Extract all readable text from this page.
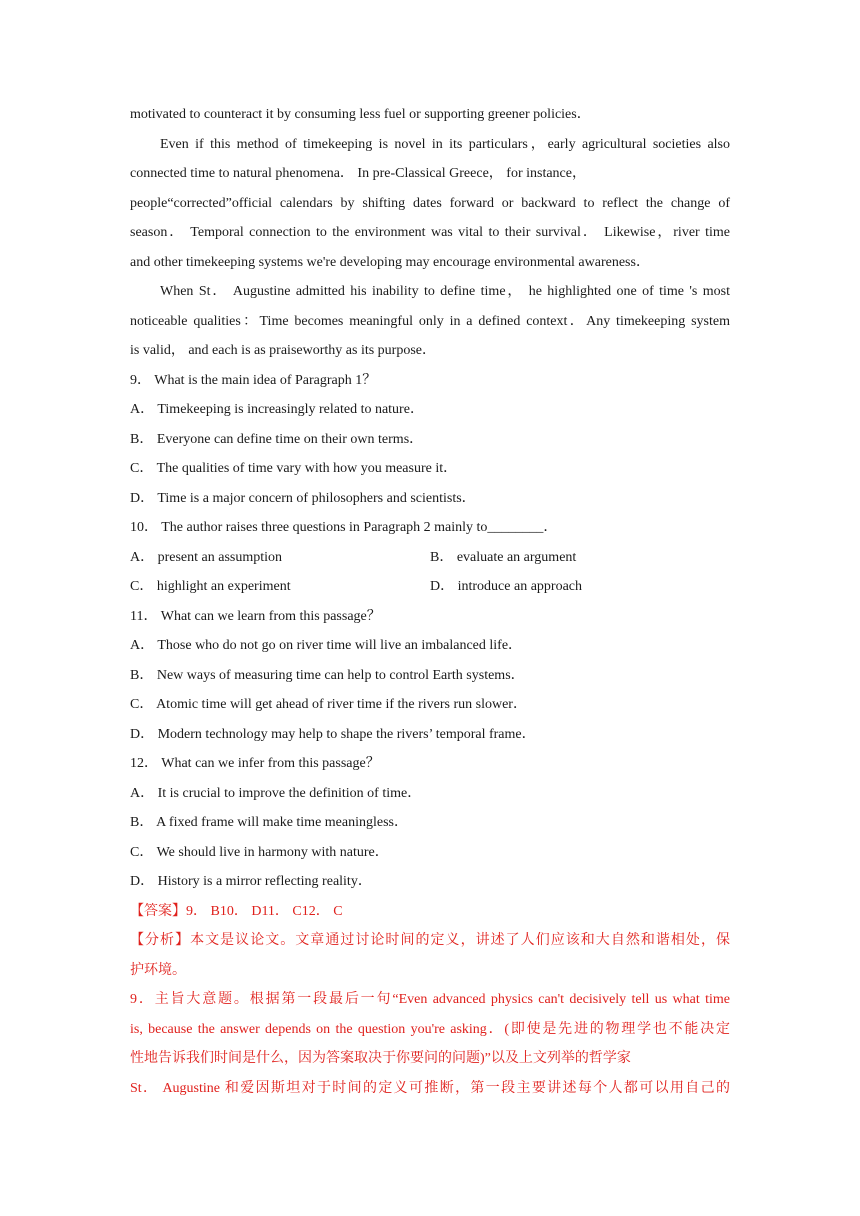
motivated to counteract it by consuming less fuel or supporting greener policies．
Even if this method of timekeeping is novel in its particulars，early agricultural societies also
connected time to natural phenomena． In pre-Classical Greece， for instance，
people“corrected”official calendars by shifting dates forward or backward to reflect the change of
season． Temporal connection to the environment was vital to their survival． Likewise，river time
and other timekeeping systems we're developing may encourage environmental awareness．
When St． Augustine admitted his inability to define time， he highlighted one of time 's most
noticeable qualities：Time becomes meaningful only in a defined context．Any timekeeping system
is valid， and each is as praiseworthy as its purpose．
9． What is the main idea of Paragraph 1？
A． Timekeeping is increasingly related to nature．
B． Everyone can define time on their own terms．
C． The qualities of time vary with how you measure it．
D． Time is a major concern of philosophers and scientists．
10． The author raises three questions in Paragraph 2 mainly to________．
A． present an assumption	B． evaluate an argument
C． highlight an experiment	D． introduce an approach
11． What can we learn from this passage？
A． Those who do not go on river time will live an imbalanced life．
B． New ways of measuring time can help to control Earth systems．
C． Atomic time will get ahead of river time if the rivers run slower．
D． Modern technology may help to shape the rivers’ temporal frame．
12． What can we infer from this passage？
A． It is crucial to improve the definition of time．
B． A fixed frame will make time meaningless．
C． We should live in harmony with nature．
D． History is a mirror reflecting reality．
【答案】9． B10． D11． C12． C
【分析】本文是议论文。文章通过讨论时间的定义，讲述了人们应该和大自然和谐相处，保
护环境。
9．主旨大意题。根据第一段最后一句“Even advanced physics can't decisively tell us what time
is, because the answer depends on the question you're asking．(即使是先进的物理学也不能决定
性地告诉我们时间是什么，因为答案取决于你要问的问题)”以及上文列举的哲学家
St． Augustine 和爱因斯坦对于时间的定义可推断，第一段主要讲述每个人都可以用自己的
